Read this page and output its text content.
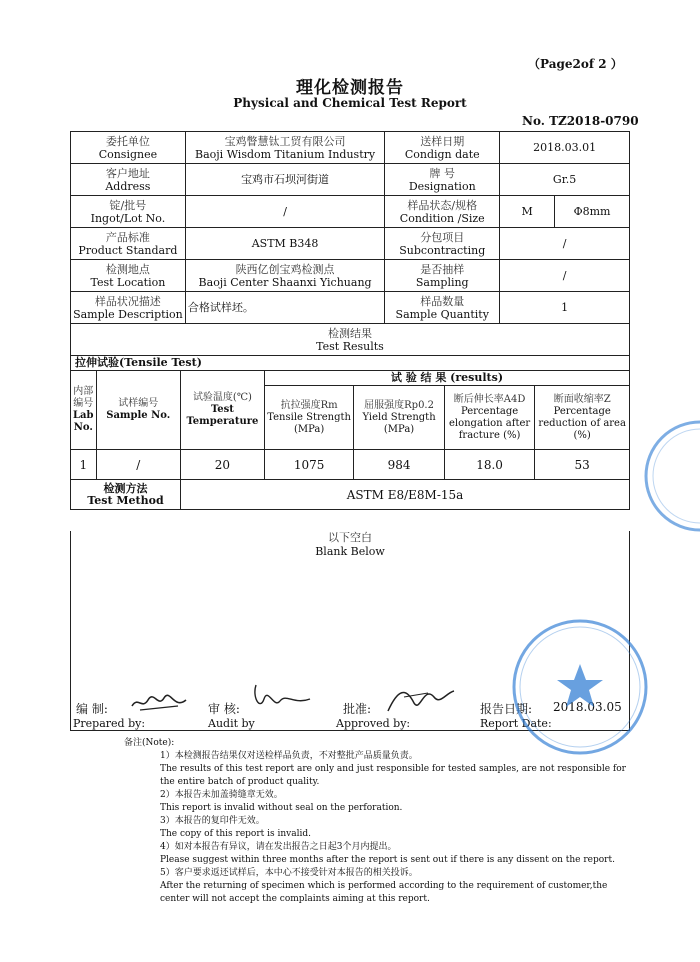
（Page2of 2 ）
理化检测报告
Physical and Chemical Test Report
No. TZ2018-0790
委托单位
Consignee	宝鸡瞥慧钛工贸有限公司
Baoji Wisdom Titanium Industry	送样日期
Condign date	2018.03.01	

客户地址
Address	宝鸡市石坝河街道	牌 号
Designation	Gr.5	

锭/批号
Ingot/Lot No.	/	样品状态/规格
Condition /Size	M	Φ8mm

产品标准
Product Standard	ASTM B348	分包项目
Subcontracting	/	

检测地点
Test Location	陕西亿创宝鸡检测点
Baoji Center Shaanxi Yichuang	是否抽样
Sampling	/	

样品状况描述
Sample Description	合格试样坯。	样品数量
Sample Quantity	1	

检测结果
Test Results				
拉伸试验(Tensile Test)						

内部编号
Lab No.	试样编号
Sample No.	试验温度(℃)
Test Temperature	试 验 结 果 (results)			

			抗拉强度Rm
Tensile Strength (MPa)	屈服强度Rp0.2
Yield Strength (MPa)	断后伸长率A4D
Percentage elongation after fracture (%)	断面收缩率Z
Percentage reduction of area (%)

1	/	20	1075	984	18.0	53

检测方法
Test Method		ASTM E8/E8M-15a				
以下空白
Blank Below
编 制:	审 核:	批准:	报告日期: 2018.03.05
Prepared by:	Audit by	Approved by:	Report Date:
备注(Note):
1）本检测报告结果仅对送检样品负责，不对整批产品质量负责。
The results of this test report are only and just responsible for tested samples, are not responsible for
the entire batch of product quality.
2）本报告未加盖骑缝章无效。
This report is invalid without seal on the perforation.
3）本报告的复印件无效。
The copy of this report is invalid.
4）如对本报告有异议，请在发出报告之日起3个月内提出。
Please suggest within three months after the report is sent out if there is any dissent on the report.
5）客户要求返还试样后，本中心不接受针对本报告的相关投诉。
After the returning of specimen which is performed according to the requirement of customer,the
center will not accept the complaints aiming at this report.
